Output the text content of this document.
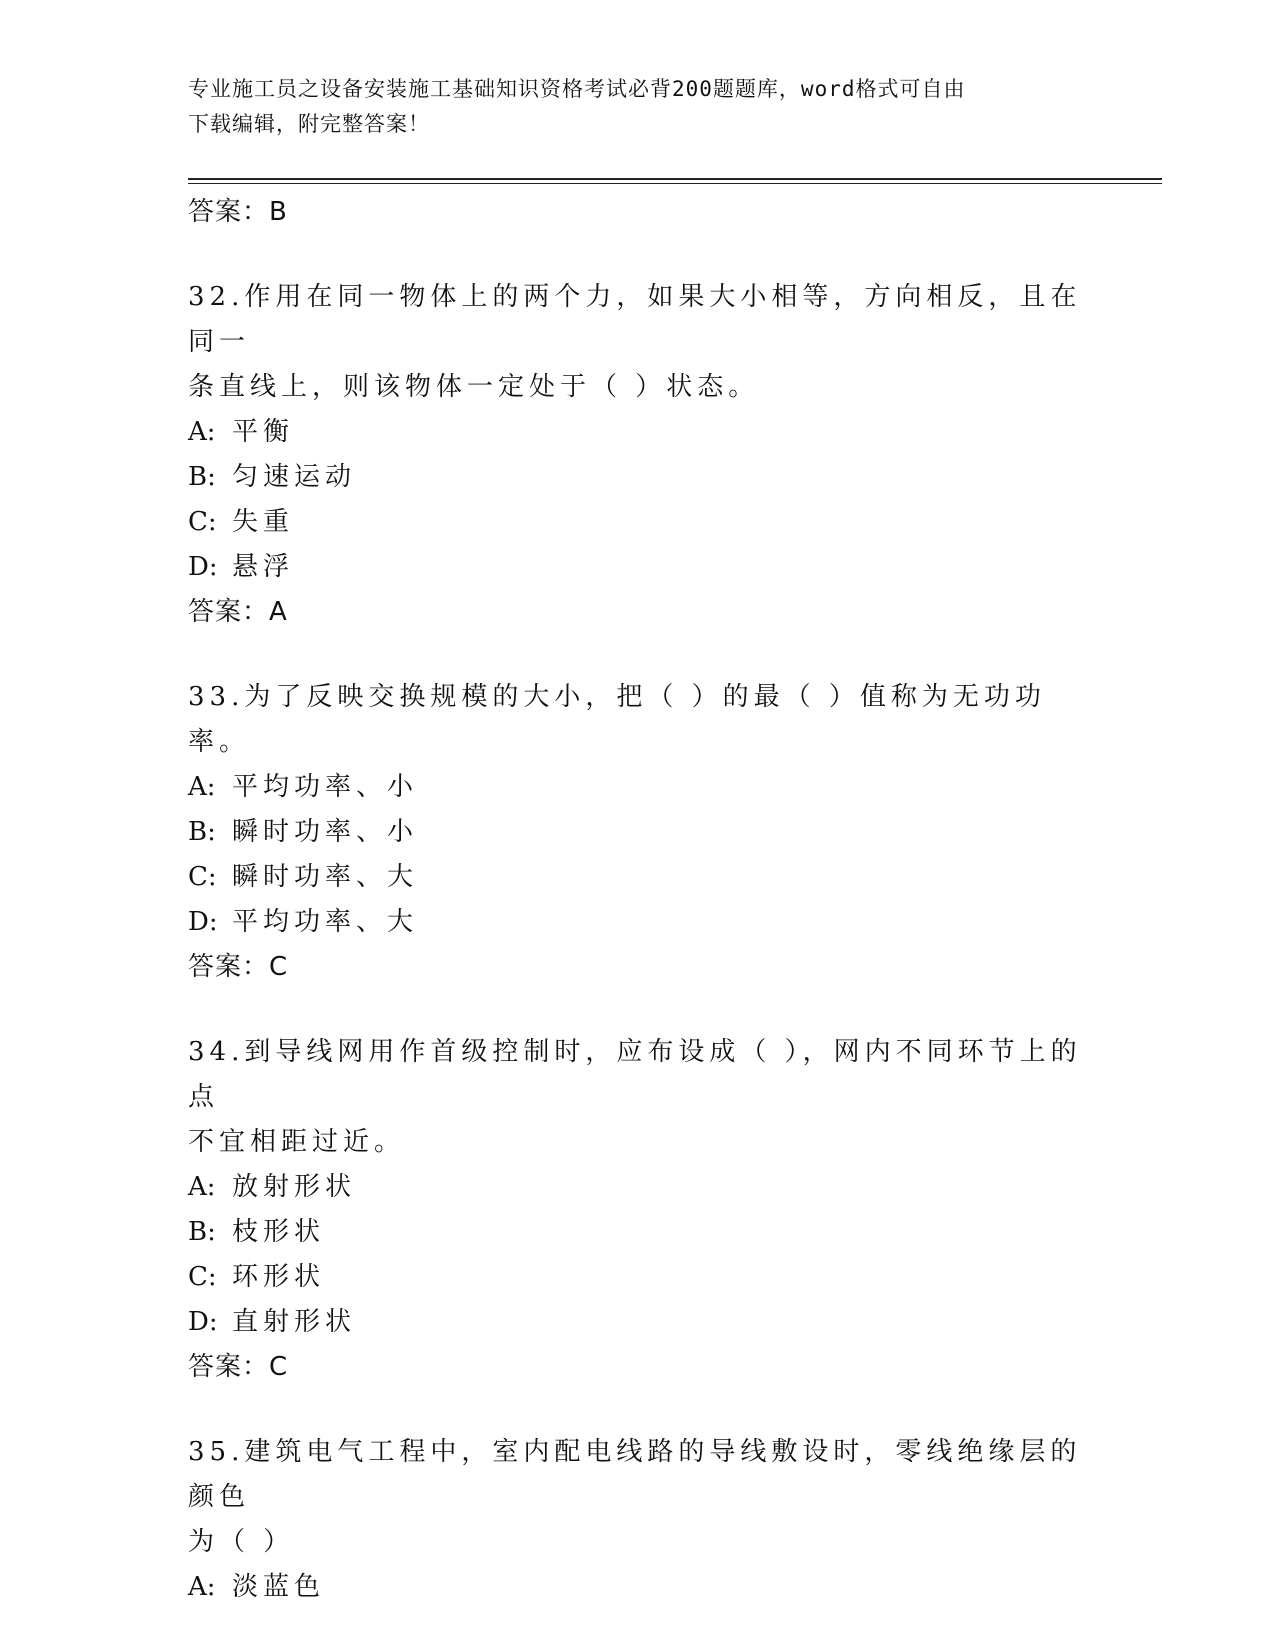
专业施工员之设备安装施工基础知识资格考试必背200题题库，word格式可自由
下载编辑，附完整答案！
答案：B
32.作用在同一物体上的两个力，如果大小相等，方向相反，且在同一
条直线上，则该物体一定处于（ ）状态。
A: 平衡
B: 匀速运动
C: 失重
D: 悬浮
答案：A
33.为了反映交换规模的大小，把（ ）的最（ ）值称为无功功率。
A: 平均功率、小
B: 瞬时功率、小
C: 瞬时功率、大
D: 平均功率、大
答案：C
34.到导线网用作首级控制时，应布设成（ ），网内不同环节上的点
不宜相距过近。
A: 放射形状
B: 枝形状
C: 环形状
D: 直射形状
答案：C
35.建筑电气工程中，室内配电线路的导线敷设时，零线绝缘层的颜色
为（ ）
A: 淡蓝色
